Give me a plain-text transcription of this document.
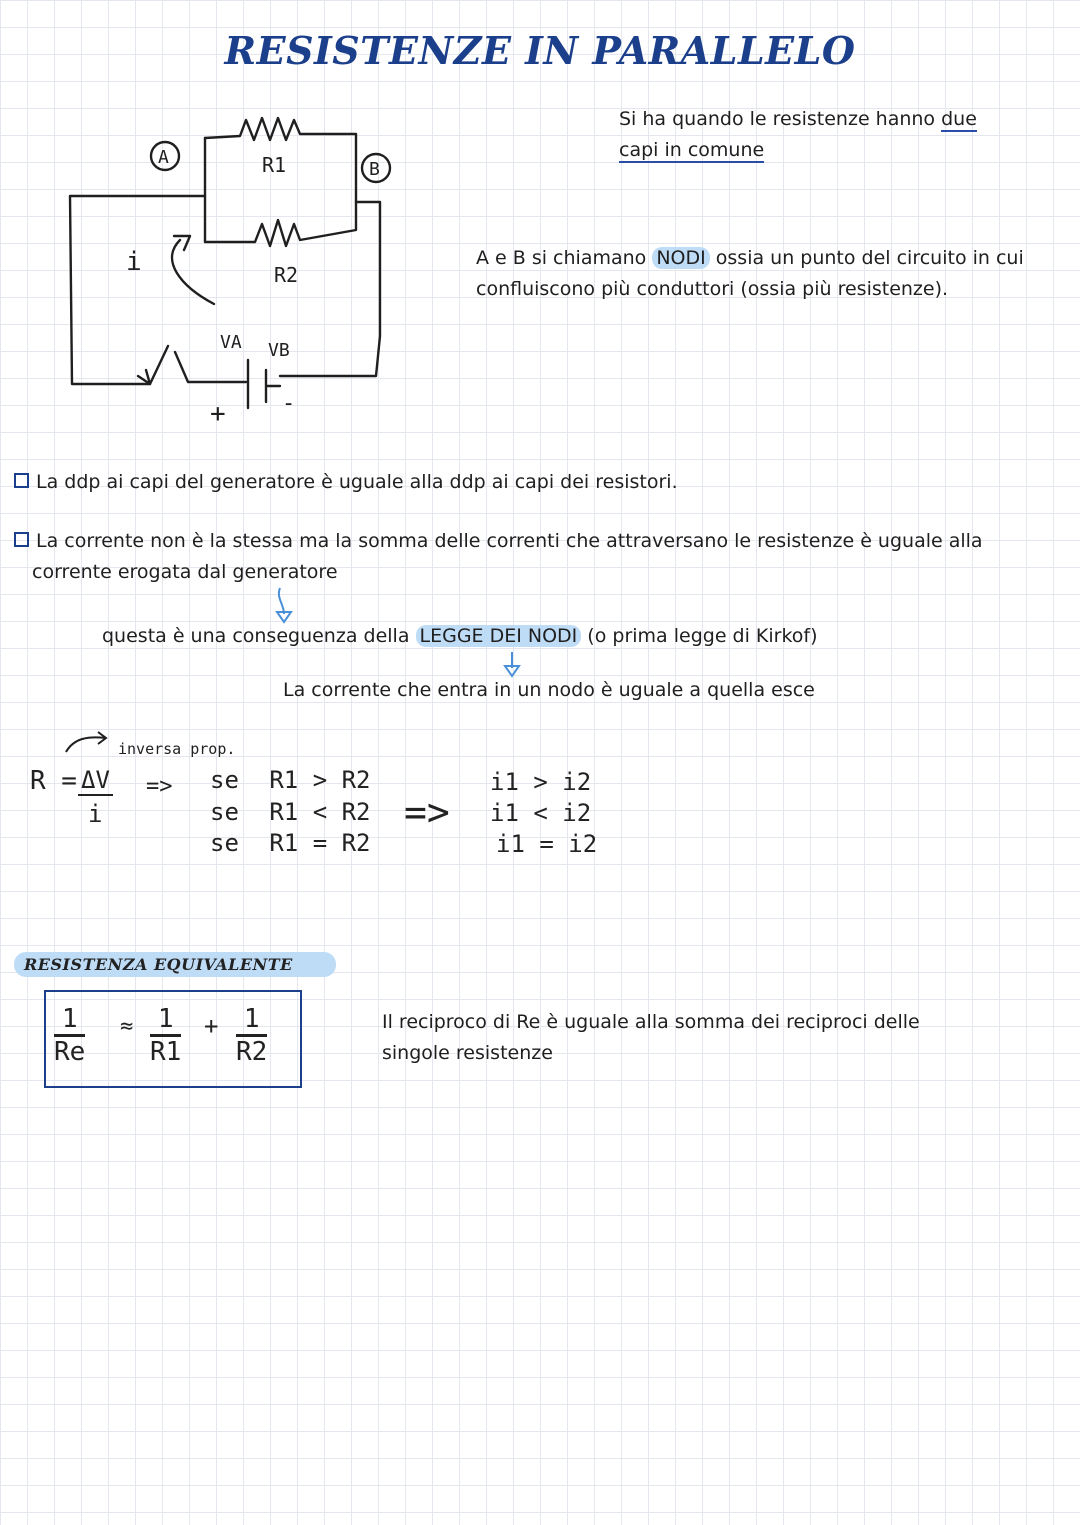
RESISTENZE IN PARALLELO
A
B
R1
R2
i
VA VB
+	-
Si ha quando le resistenze hanno due
capi in comune
A e B si chiamano NODI ossia un punto del circuito in cui
confluiscono più conduttori (ossia più resistenze).
La ddp ai capi del generatore è uguale alla ddp ai capi dei resistori.
La corrente non è la stessa ma la somma delle correnti che attraversano le resistenze è uguale alla
corrente erogata dal generatore
questa è una conseguenza della LEGGE DEI NODI (o prima legge di Kirkof)
La corrente che entra in un nodo è uguale a quella esce
inversa prop.
R = ΔV
i
=> se R1 > R2
se R1 < R2
se R1 = R2
=>
i1 > i2
i1 < i2
i1 = i2
RESISTENZA EQUIVALENTE
$\frac{1}{Re} \approx \frac{1}{R1} + \frac{1}{R2}$	Il reciproco di Re è uguale alla somma dei reciproci delle
singole resistenze
